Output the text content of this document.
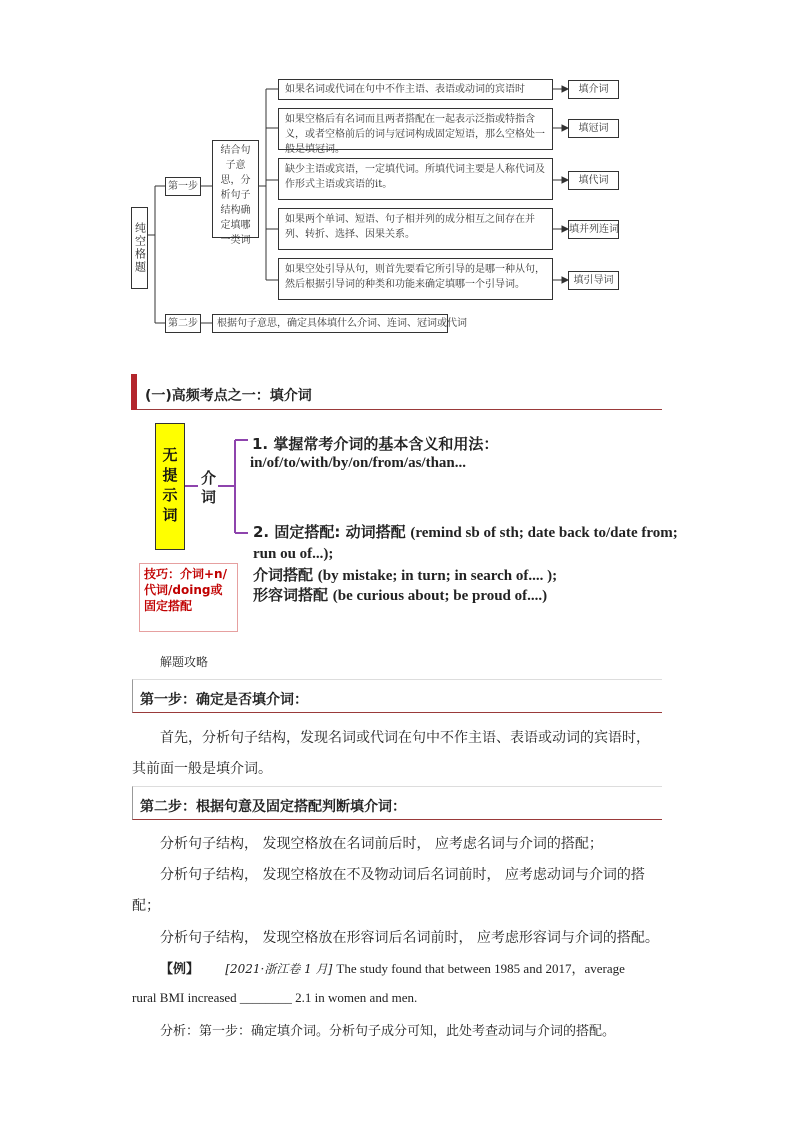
纯空格题
第一步
第二步
结合句子意思，分析句子结构确定填哪一类词
根据句子意思，确定具体填什么介词、连词、冠词或代词
如果名词或代词在句中不作主语、表语或动词的宾语时
如果空格后有名词而且两者搭配在一起表示泛指或特指含义，或者空格前后的词与冠词构成固定短语，那么空格处一般是填冠词。
缺少主语或宾语，一定填代词。所填代词主要是人称代词及作形式主语或宾语的it。
如果两个单词、短语、句子相并列的成分相互之间存在并列、转折、选择、因果关系。
如果空处引导从句，则首先要看它所引导的是哪一种从句，然后根据引导词的种类和功能来确定填哪一个引导词。
填介词
填冠词
填代词
填并列连词
填引导词
(一)高频考点之一：填介词
无提示词 介词
1. 掌握常考介词的基本含义和用法：
in/of/to/with/by/on/from/as/than...
2. 固定搭配: 动词搭配 (remind sb of sth; date back to/date from; run ou of...);
介词搭配 (by mistake; in turn; in search of.... );
形容词搭配 (be curious about; be proud of....)
技巧：介词+n/代词/doing或固定搭配
解题攻略
第一步：确定是否填介词：
首先，分析句子结构，发现名词或代词在句中不作主语、表语或动词的宾语时，
其前面一般是填介词。
第二步：根据句意及固定搭配判断填介词：
分析句子结构， 发现空格放在名词前后时， 应考虑名词与介词的搭配；
分析句子结构， 发现空格放在不及物动词后名词前时， 应考虑动词与介词的搭
配；
分析句子结构， 发现空格放在形容词后名词前时， 应考虑形容词与介词的搭配。
【例】 [2021·浙江卷 1 月] The study found that between 1985 and 2017，average
rural BMI increased ________ 2.1 in women and men.
分析：第一步：确定填介词。分析句子成分可知，此处考查动词与介词的搭配。
